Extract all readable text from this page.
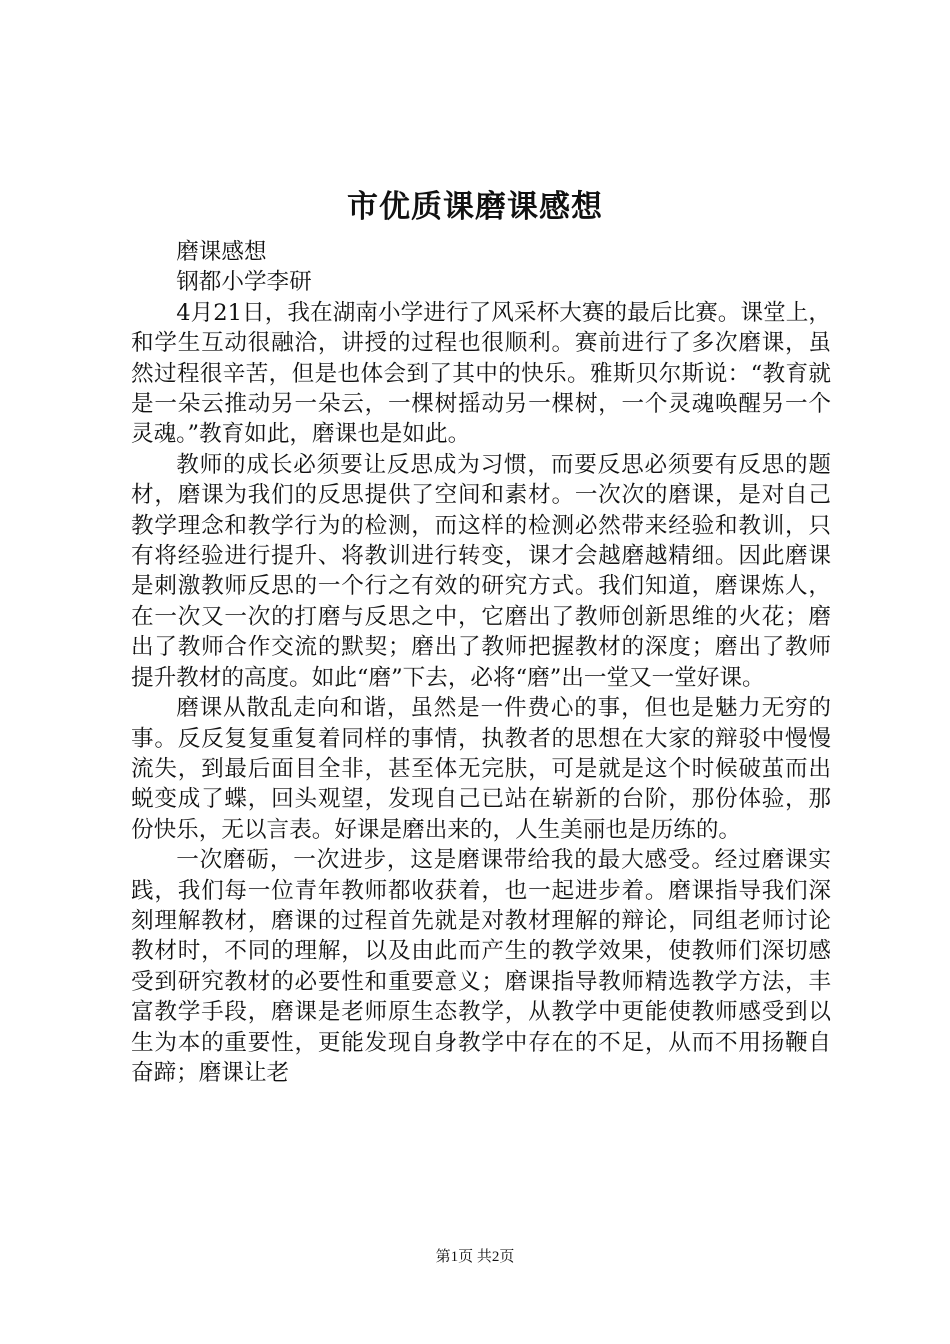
市优质课磨课感想

磨课感想

钢都小学李研

4月21日，我在湖南小学进行了风采杯大赛的最后比赛。课堂上，和学生互动很融洽，讲授的过程也很顺利。赛前进行了多次磨课，虽然过程很辛苦，但是也体会到了其中的快乐。雅斯贝尔斯说：“教育就是一朵云推动另一朵云，一棵树摇动另一棵树，一个灵魂唤醒另一个灵魂。”教育如此，磨课也是如此。

教师的成长必须要让反思成为习惯，而要反思必须要有反思的题材，磨课为我们的反思提供了空间和素材。一次次的磨课，是对自己教学理念和教学行为的检测，而这样的检测必然带来经验和教训，只有将经验进行提升、将教训进行转变，课才会越磨越精细。因此磨课是刺激教师反思的一个行之有效的研究方式。我们知道，磨课炼人，在一次又一次的打磨与反思之中，它磨出了教师创新思维的火花；磨出了教师合作交流的默契；磨出了教师把握教材的深度；磨出了教师提升教材的高度。如此“磨”下去，必将“磨”出一堂又一堂好课。

磨课从散乱走向和谐，虽然是一件费心的事，但也是魅力无穷的事。反反复复重复着同样的事情，执教者的思想在大家的辩驳中慢慢流失，到最后面目全非，甚至体无完肤，可是就是这个时候破茧而出蜕变成了蝶，回头观望，发现自己已站在崭新的台阶，那份体验，那份快乐，无以言表。好课是磨出来的，人生美丽也是历练的。

一次磨砺，一次进步，这是磨课带给我的最大感受。经过磨课实践，我们每一位青年教师都收获着，也一起进步着。磨课指导我们深刻理解教材，磨课的过程首先就是对教材理解的辩论，同组老师讨论教材时，不同的理解，以及由此而产生的教学效果，使教师们深切感受到研究教材的必要性和重要意义；磨课指导教师精选教学方法，丰富教学手段，磨课是老师原生态教学，从教学中更能使教师感受到以生为本的重要性，更能发现自身教学中存在的不足，从而不用扬鞭自奋蹄；磨课让老

第1页 共2页
